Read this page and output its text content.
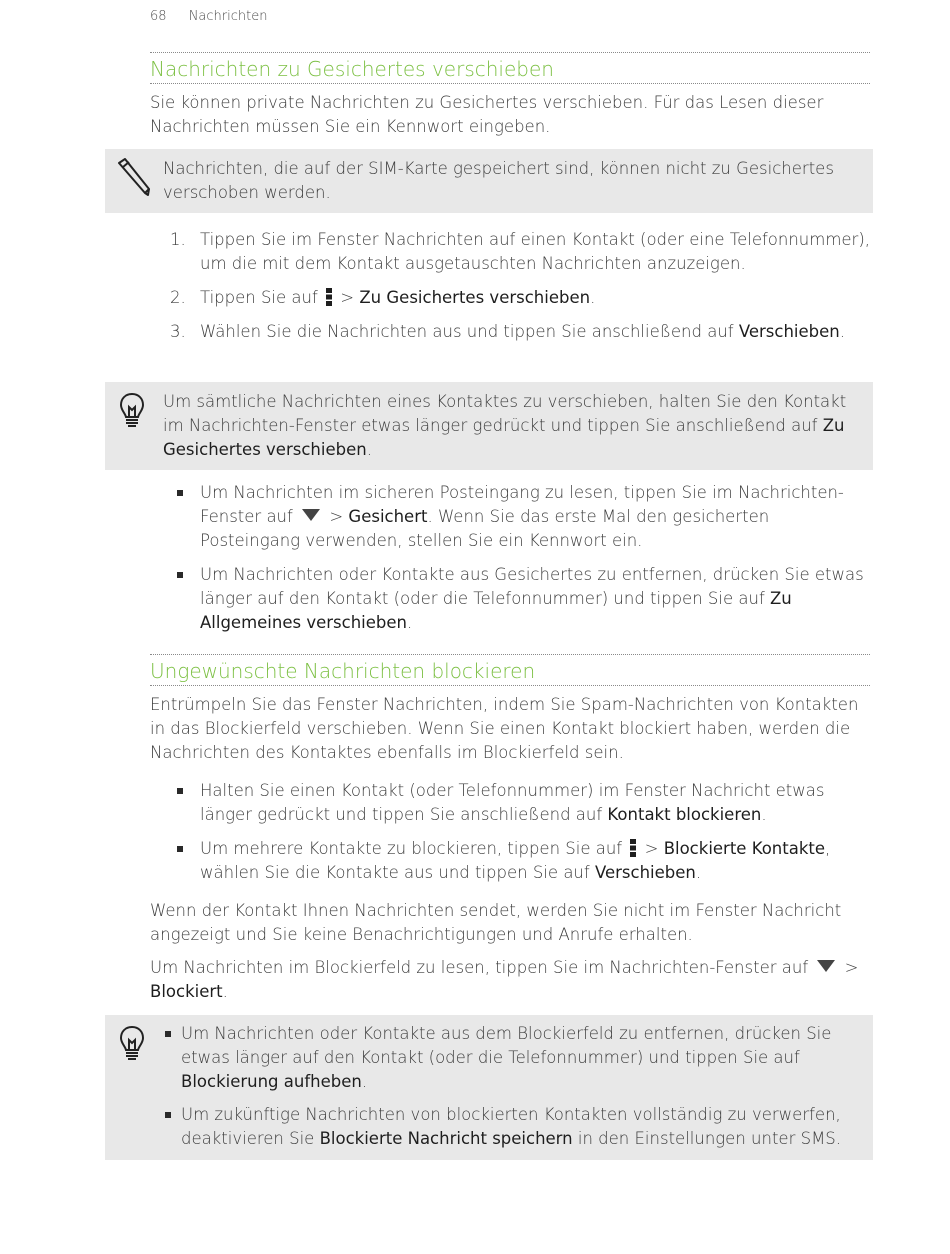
68 Nachrichten
Nachrichten zu Gesichertes verschieben
Sie können private Nachrichten zu Gesichertes verschieben. Für das Lesen dieser Nachrichten müssen Sie ein Kennwort eingeben.
Nachrichten, die auf der SIM-Karte gespeichert sind, können nicht zu Gesichertes verschoben werden.
1. Tippen Sie im Fenster Nachrichten auf einen Kontakt (oder eine Telefonnummer), um die mit dem Kontakt ausgetauschten Nachrichten anzuzeigen.
2. Tippen Sie auf > Zu Gesichertes verschieben.
3. Wählen Sie die Nachrichten aus und tippen Sie anschließend auf Verschieben.
Um sämtliche Nachrichten eines Kontaktes zu verschieben, halten Sie den Kontakt im Nachrichten-Fenster etwas länger gedrückt und tippen Sie anschließend auf Zu Gesichertes verschieben.
Um Nachrichten im sicheren Posteingang zu lesen, tippen Sie im Nachrichten-Fenster auf > Gesichert. Wenn Sie das erste Mal den gesicherten Posteingang verwenden, stellen Sie ein Kennwort ein.
Um Nachrichten oder Kontakte aus Gesichertes zu entfernen, drücken Sie etwas länger auf den Kontakt (oder die Telefonnummer) und tippen Sie auf Zu Allgemeines verschieben.
Ungewünschte Nachrichten blockieren
Entrümpeln Sie das Fenster Nachrichten, indem Sie Spam-Nachrichten von Kontakten in das Blockierfeld verschieben. Wenn Sie einen Kontakt blockiert haben, werden die Nachrichten des Kontaktes ebenfalls im Blockierfeld sein.
Halten Sie einen Kontakt (oder Telefonnummer) im Fenster Nachricht etwas länger gedrückt und tippen Sie anschließend auf Kontakt blockieren.
Um mehrere Kontakte zu blockieren, tippen Sie auf > Blockierte Kontakte, wählen Sie die Kontakte aus und tippen Sie auf Verschieben.
Wenn der Kontakt Ihnen Nachrichten sendet, werden Sie nicht im Fenster Nachricht angezeigt und Sie keine Benachrichtigungen und Anrufe erhalten.
Um Nachrichten im Blockierfeld zu lesen, tippen Sie im Nachrichten-Fenster auf > Blockiert.
Um Nachrichten oder Kontakte aus dem Blockierfeld zu entfernen, drücken Sie etwas länger auf den Kontakt (oder die Telefonnummer) und tippen Sie auf Blockierung aufheben.
Um zukünftige Nachrichten von blockierten Kontakten vollständig zu verwerfen, deaktivieren Sie Blockierte Nachricht speichern in den Einstellungen unter SMS.
